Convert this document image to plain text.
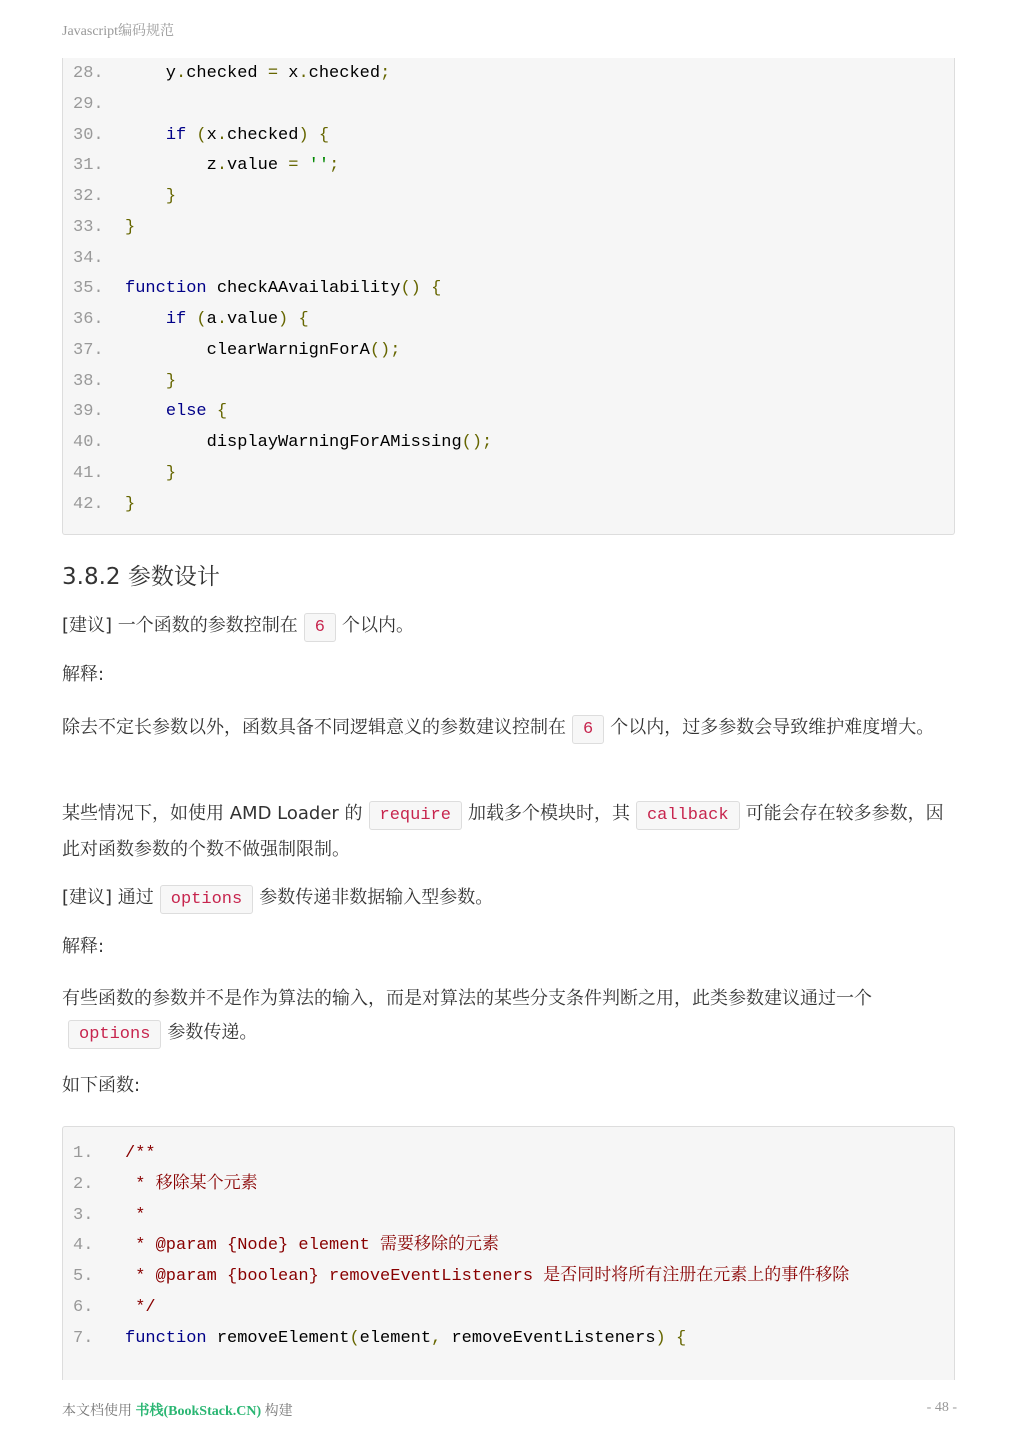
Javascript编码规范
28.	y.checked = x.checked;
29.
30.	if (x.checked) {
31.	z.value = '';
32.	}
33.	}
34.
35.	function checkAAvailability() {
36.	if (a.value) {
37.	clearWarnignForA();
38.	}
39.	else {
40.	displayWarningForAMissing();
41.	}
42.	}
3.8.2 参数设计

[建议] 一个函数的参数控制在 6 个以内。

解释:

除去不定长参数以外，函数具备不同逻辑意义的参数建议控制在 6 个以内，过多参数会导致维护难度增大。

某些情况下，如使用 AMD Loader 的 require 加载多个模块时，其 callback 可能会存在较多参数，因此对函数参数的个数不做强制限制。

[建议] 通过 options 参数传递非数据输入型参数。

解释:

有些函数的参数并不是作为算法的输入，而是对算法的某些分支条件判断之用，此类参数建议通过一个options 参数传递。

如下函数:

1.	/**
2.	* 移除某个元素
3.	*
4.	* @param {Node} element 需要移除的元素
5.	* @param {boolean} removeEventListeners 是否同时将所有注册在元素上的事件移除
6.	*/
7.	function removeElement(element, removeEventListeners) {
本文档使用 书栈(BookStack.CN) 构建	- 48 -
